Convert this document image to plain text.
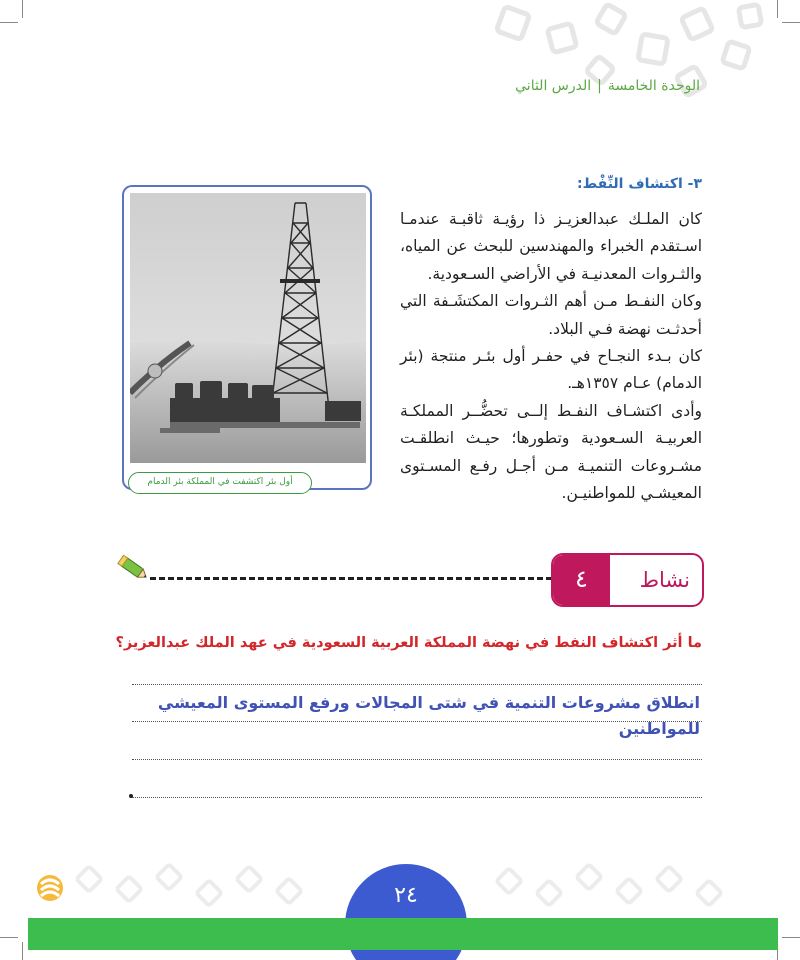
الوحدة الخامسة|الدرس الثاني
٣- اكتشاف النِّفْط:

كان الملـك عبدالعزيـز ذا رؤيـة ثاقبـة عندمـا اسـتقدم الخبراء والمهندسين للبحث عن المياه، والثـروات المعدنيـة في الأراضي السـعودية.

وكان النفـط مـن أهم الثـروات المكتشَـفة التي أحدثـت نهضة فـي البلاد.

كان بـدء النجـاح في حفـر أول بئـر منتجة (بئر الدمام) عـام ١٣٥٧هـ.

وأدى اكتشـاف النفـط إلــى تحضُّــر المملكـة العربيـة السـعودية وتطورها؛ حيـث انطلقـت مشـروعات التنميـة مـن أجـل رفـع المسـتوى المعيشـي للمواطنيـن.

أول بئر اكتشفت في المملكة بئر الدمام
٤	نشاط
ما أثر اكتشاف النفط في نهضة المملكة العربية السعودية في عهد الملك عبدالعزيز؟
انطلاق مشروعات التنمية في شتى المجالات ورفع المستوى المعيشي للمواطنين
٢٤
